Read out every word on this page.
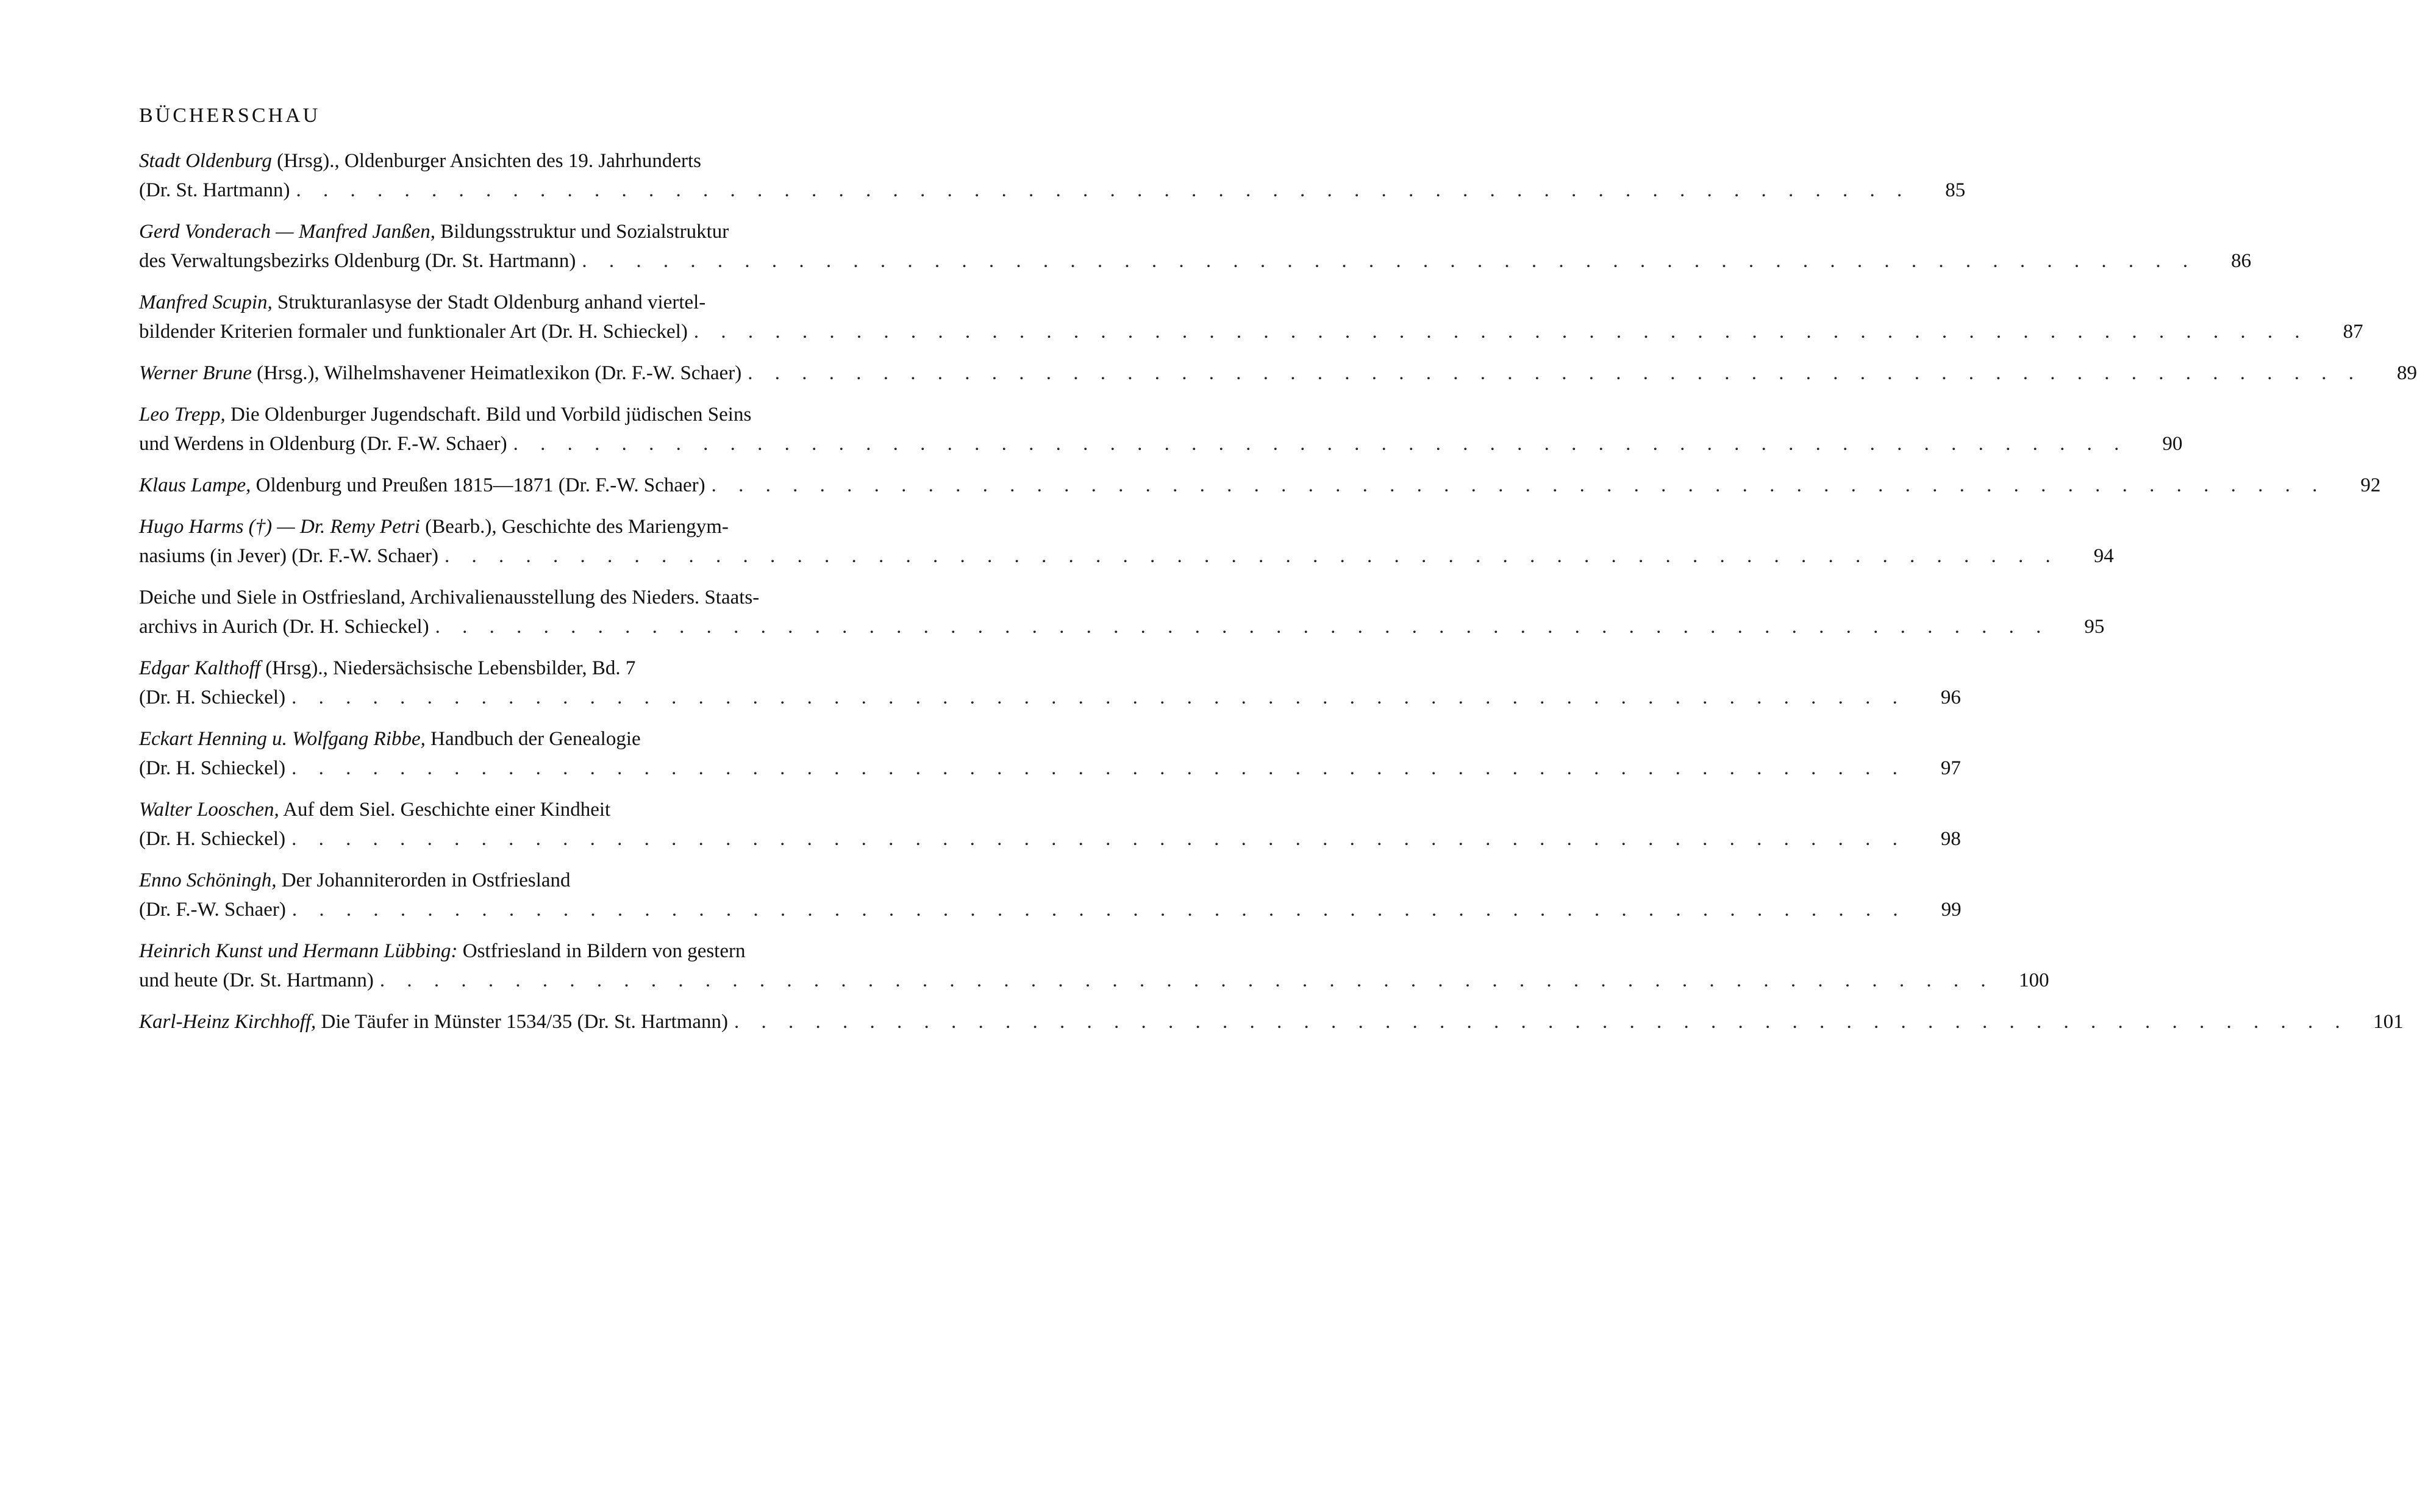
BÜCHERSCHAU
Stadt Oldenburg (Hrsg)., Oldenburger Ansichten des 19. Jahrhunderts
(Dr. St. Hartmann) . . . . . . . . . . . . . . . . . . . . . . . . . . . . . . . . . . . . . . . . . . . . . . . . . . . . . . . . . . . .	85
Gerd Vonderach — Manfred Janßen, Bildungsstruktur und Sozialstruktur
des Verwaltungsbezirks Oldenburg (Dr. St. Hartmann) . . . . . . . . . . . . . . . . . . . . . . . . . . . . . . . . . . . . . . . . . . . . . . . . . . . . . . . . . . . .	86
Manfred Scupin, Strukturanlasyse der Stadt Oldenburg anhand viertel-
bildender Kriterien formaler und funktionaler Art (Dr. H. Schieckel) . . . . . . . . . . . . . . . . . . . . . . . . . . . . . . . . . . . . . . . . . . . . . . . . . . . . . . . . . . . .	87
Werner Brune (Hrsg.), Wilhelmshavener Heimatlexikon (Dr. F.-W. Schaer) . . . . . . . . . . . . . . . . . . . . . . . . . . . . . . . . . . . . . . . . . . . . . . . . . . . . . . . . . . . .	89
Leo Trepp, Die Oldenburger Jugendschaft. Bild und Vorbild jüdischen Seins
und Werdens in Oldenburg (Dr. F.-W. Schaer) . . . . . . . . . . . . . . . . . . . . . . . . . . . . . . . . . . . . . . . . . . . . . . . . . . . . . . . . . . . .	90
Klaus Lampe, Oldenburg und Preußen 1815—1871 (Dr. F.-W. Schaer) . . . . . . . . . . . . . . . . . . . . . . . . . . . . . . . . . . . . . . . . . . . . . . . . . . . . . . . . . . . .	92
Hugo Harms (†) — Dr. Remy Petri (Bearb.), Geschichte des Mariengym-
nasiums (in Jever) (Dr. F.-W. Schaer) . . . . . . . . . . . . . . . . . . . . . . . . . . . . . . . . . . . . . . . . . . . . . . . . . . . . . . . . . . . .	94
Deiche und Siele in Ostfriesland, Archivalienausstellung des Nieders. Staats-
archivs in Aurich (Dr. H. Schieckel) . . . . . . . . . . . . . . . . . . . . . . . . . . . . . . . . . . . . . . . . . . . . . . . . . . . . . . . . . . . .	95
Edgar Kalthoff (Hrsg)., Niedersächsische Lebensbilder, Bd. 7
(Dr. H. Schieckel) . . . . . . . . . . . . . . . . . . . . . . . . . . . . . . . . . . . . . . . . . . . . . . . . . . . . . . . . . . . .	96
Eckart Henning u. Wolfgang Ribbe, Handbuch der Genealogie
(Dr. H. Schieckel) . . . . . . . . . . . . . . . . . . . . . . . . . . . . . . . . . . . . . . . . . . . . . . . . . . . . . . . . . . . .	97
Walter Looschen, Auf dem Siel. Geschichte einer Kindheit
(Dr. H. Schieckel) . . . . . . . . . . . . . . . . . . . . . . . . . . . . . . . . . . . . . . . . . . . . . . . . . . . . . . . . . . . .	98
Enno Schöningh, Der Johanniterorden in Ostfriesland
(Dr. F.-W. Schaer) . . . . . . . . . . . . . . . . . . . . . . . . . . . . . . . . . . . . . . . . . . . . . . . . . . . . . . . . . . . .	99
Heinrich Kunst und Hermann Lübbing: Ostfriesland in Bildern von gestern
und heute (Dr. St. Hartmann) . . . . . . . . . . . . . . . . . . . . . . . . . . . . . . . . . . . . . . . . . . . . . . . . . . . . . . . . . . . .	100
Karl-Heinz Kirchhoff, Die Täufer in Münster 1534/35 (Dr. St. Hartmann) . . . . . . . . . . . . . . . . . . . . . . . . . . . . . . . . . . . . . . . . . . . . . . . . . . . . . . . . . . . .	101
